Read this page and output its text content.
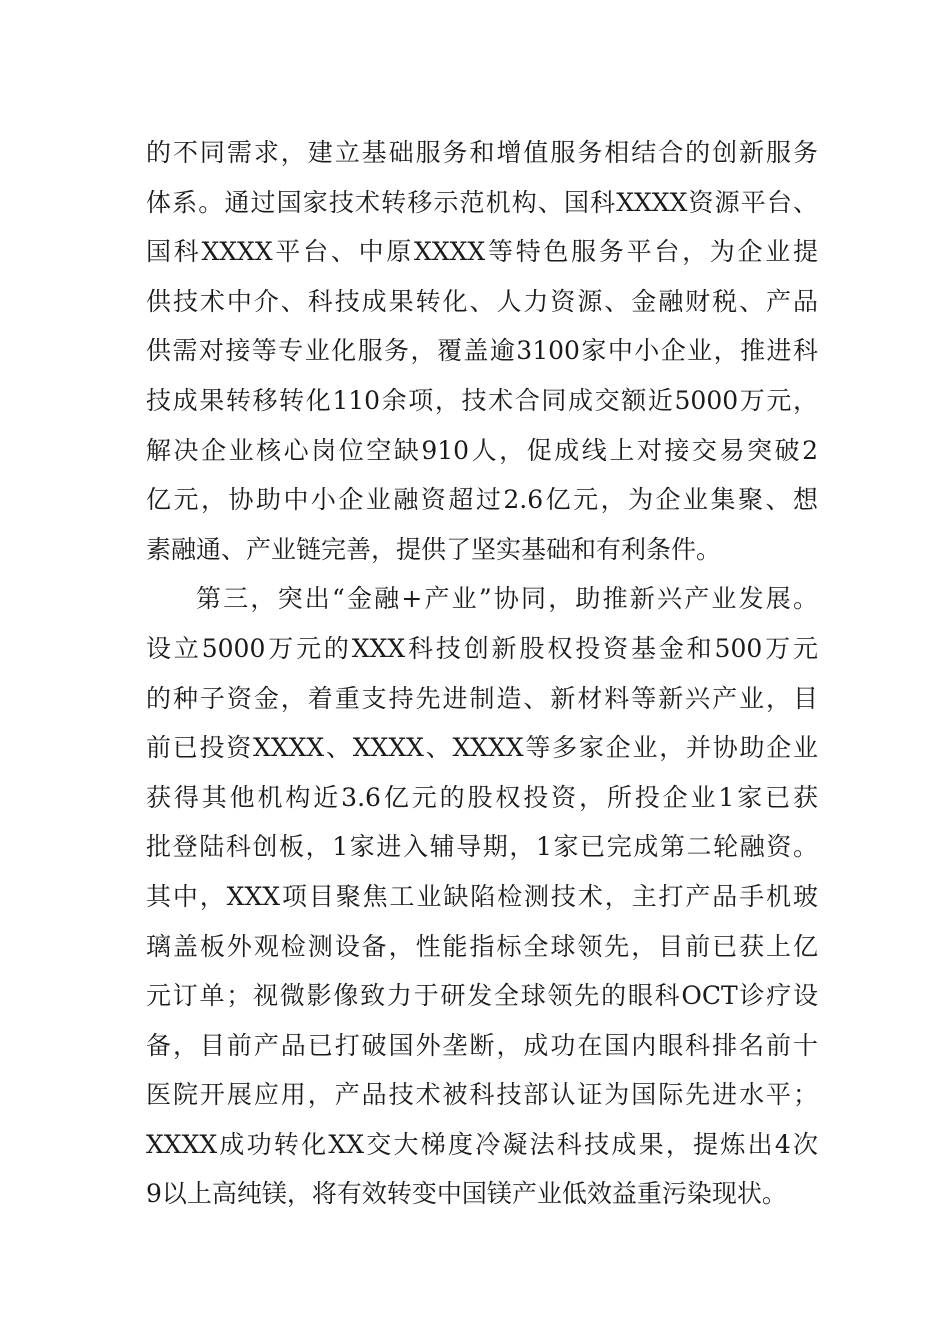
的不同需求，建立基础服务和增值服务相结合的创新服务
体系。通过国家技术转移示范机构、国科XXXX资源平台、
国科XXXX平台、中原XXXX等特色服务平台，为企业提
供技术中介、科技成果转化、人力资源、金融财税、产品
供需对接等专业化服务，覆盖逾3100家中小企业，推进科
技成果转移转化110余项，技术合同成交额近5000万元，
解决企业核心岗位空缺910人，促成线上对接交易突破2
亿元，协助中小企业融资超过2.6亿元，为企业集聚、想
素融通、产业链完善，提供了坚实基础和有利条件。
第三，突出“金融+产业”协同，助推新兴产业发展。
设立5000万元的XXX科技创新股权投资基金和500万元
的种子资金，着重支持先进制造、新材料等新兴产业，目
前已投资XXXX、XXXX、XXXX等多家企业，并协助企业
获得其他机构近3.6亿元的股权投资，所投企业1家已获
批登陆科创板，1家进入辅导期，1家已完成第二轮融资。
其中，XXX项目聚焦工业缺陷检测技术，主打产品手机玻
璃盖板外观检测设备，性能指标全球领先，目前已获上亿
元订单；视微影像致力于研发全球领先的眼科OCT诊疗设
备，目前产品已打破国外垄断，成功在国内眼科排名前十
医院开展应用，产品技术被科技部认证为国际先进水平；
XXXX成功转化XX交大梯度冷凝法科技成果，提炼出4次
9以上高纯镁，将有效转变中国镁产业低效益重污染现状。
